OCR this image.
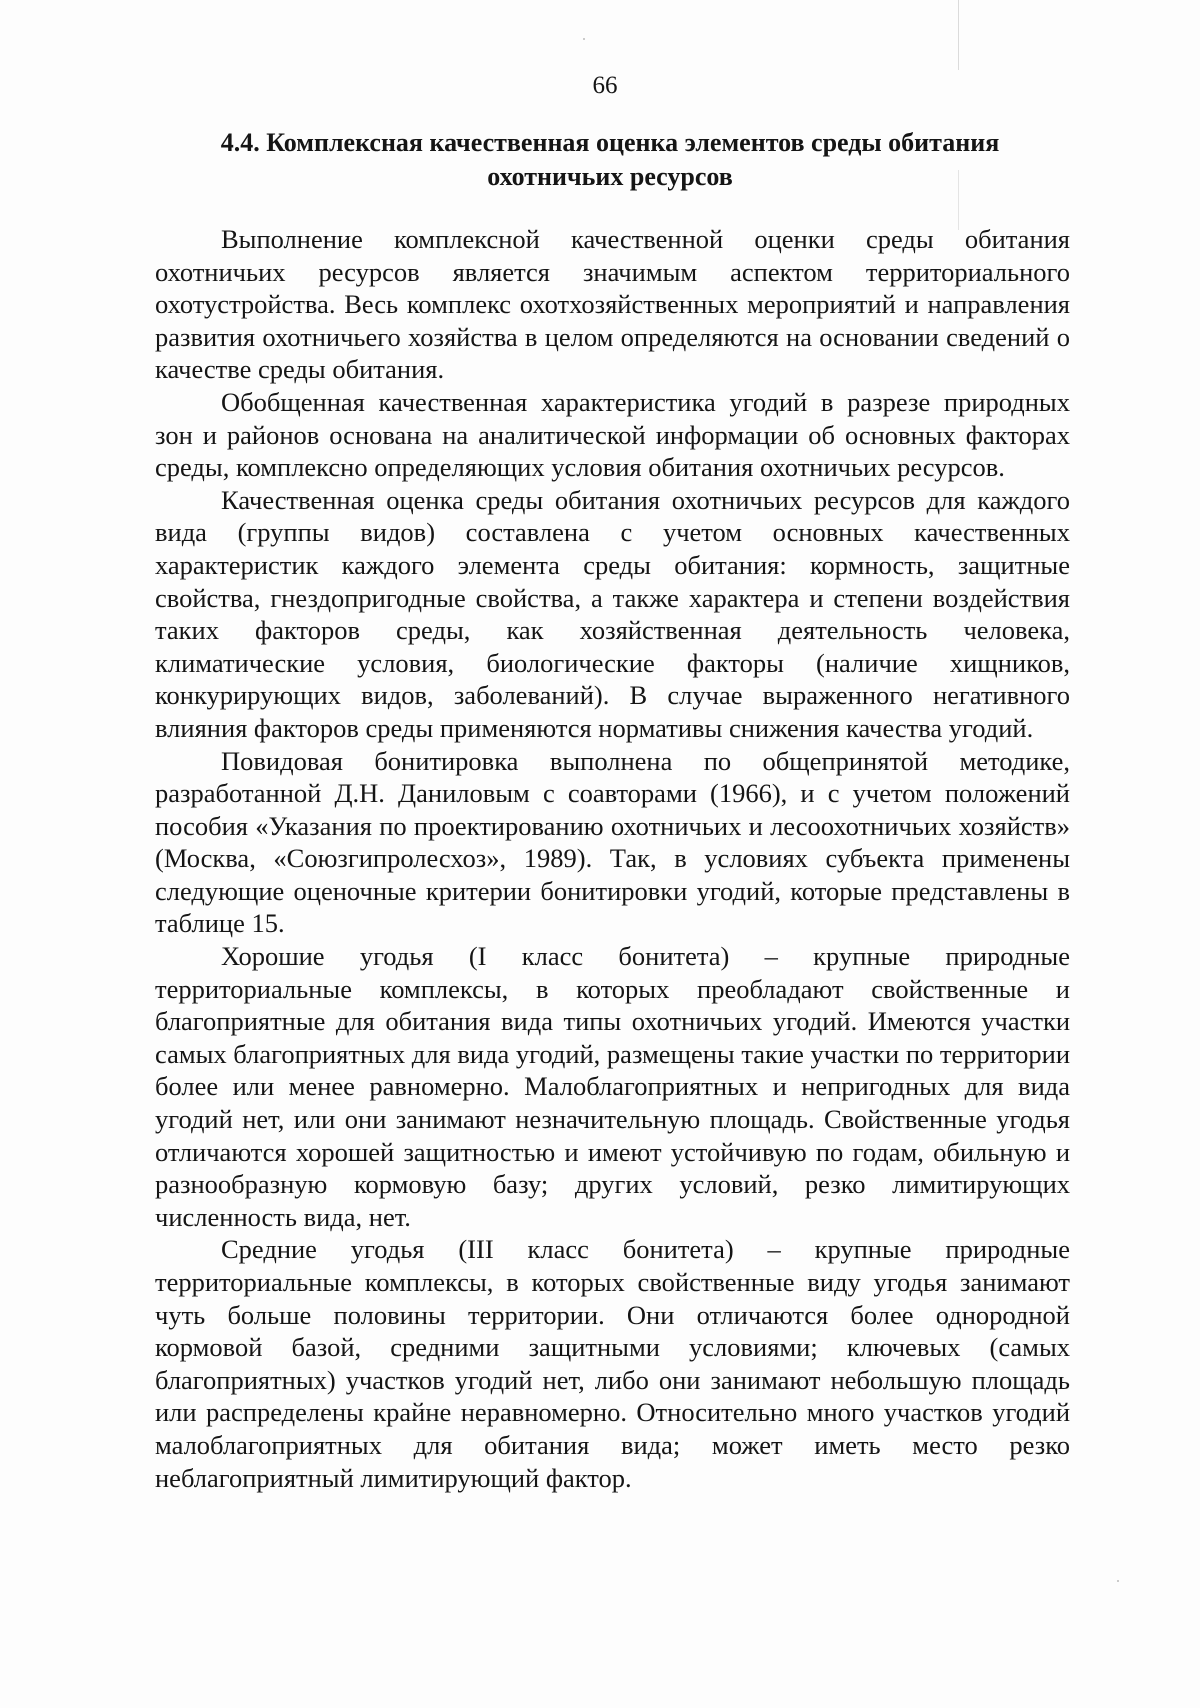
66
4.4. Комплексная качественная оценка элементов среды обитания
охотничьих ресурсов

Выполнение комплексной качественной оценки среды обитания охотничьих ресурсов является значимым аспектом территориального охотустройства. Весь комплекс охотхозяйственных мероприятий и направления развития охотничьего хозяйства в целом определяются на основании сведений о качестве среды обитания.

Обобщенная качественная характеристика угодий в разрезе природных зон и районов основана на аналитической информации об основных факторах среды, комплексно определяющих условия обитания охотничьих ресурсов.

Качественная оценка среды обитания охотничьих ресурсов для каждого вида (группы видов) составлена с учетом основных качественных характеристик каждого элемента среды обитания: кормность, защитные свойства, гнездопригодные свойства, а также характера и степени воздействия таких факторов среды, как хозяйственная деятельность человека, климатические условия, биологические факторы (наличие хищников, конкурирующих видов, заболеваний). В случае выраженного негативного влияния факторов среды применяются нормативы снижения качества угодий.

Повидовая бонитировка выполнена по общепринятой методике, разработанной Д.Н. Даниловым с соавторами (1966), и с учетом положений пособия «Указания по проектированию охотничьих и лесоохотничьих хозяйств» (Москва, «Союзгипролесхоз», 1989). Так, в условиях субъекта применены следующие оценочные критерии бонитировки угодий, которые представлены в таблице 15.

Хорошие угодья (I класс бонитета) – крупные природные территориальные комплексы, в которых преобладают свойственные и благоприятные для обитания вида типы охотничьих угодий. Имеются участки самых благоприятных для вида угодий, размещены такие участки по территории более или менее равномерно. Малоблагоприятных и непригодных для вида угодий нет, или они занимают незначительную площадь. Свойственные угодья отличаются хорошей защитностью и имеют устойчивую по годам, обильную и разнообразную кормовую базу; других условий, резко лимитирующих численность вида, нет.

Средние угодья (III класс бонитета) – крупные природные территориальные комплексы, в которых свойственные виду угодья занимают чуть больше половины территории. Они отличаются более однородной кормовой базой, средними защитными условиями; ключевых (самых благоприятных) участков угодий нет, либо они занимают небольшую площадь или распределены крайне неравномерно. Относительно много участков угодий малоблагоприятных для обитания вида; может иметь место резко неблагоприятный лимитирующий фактор.
